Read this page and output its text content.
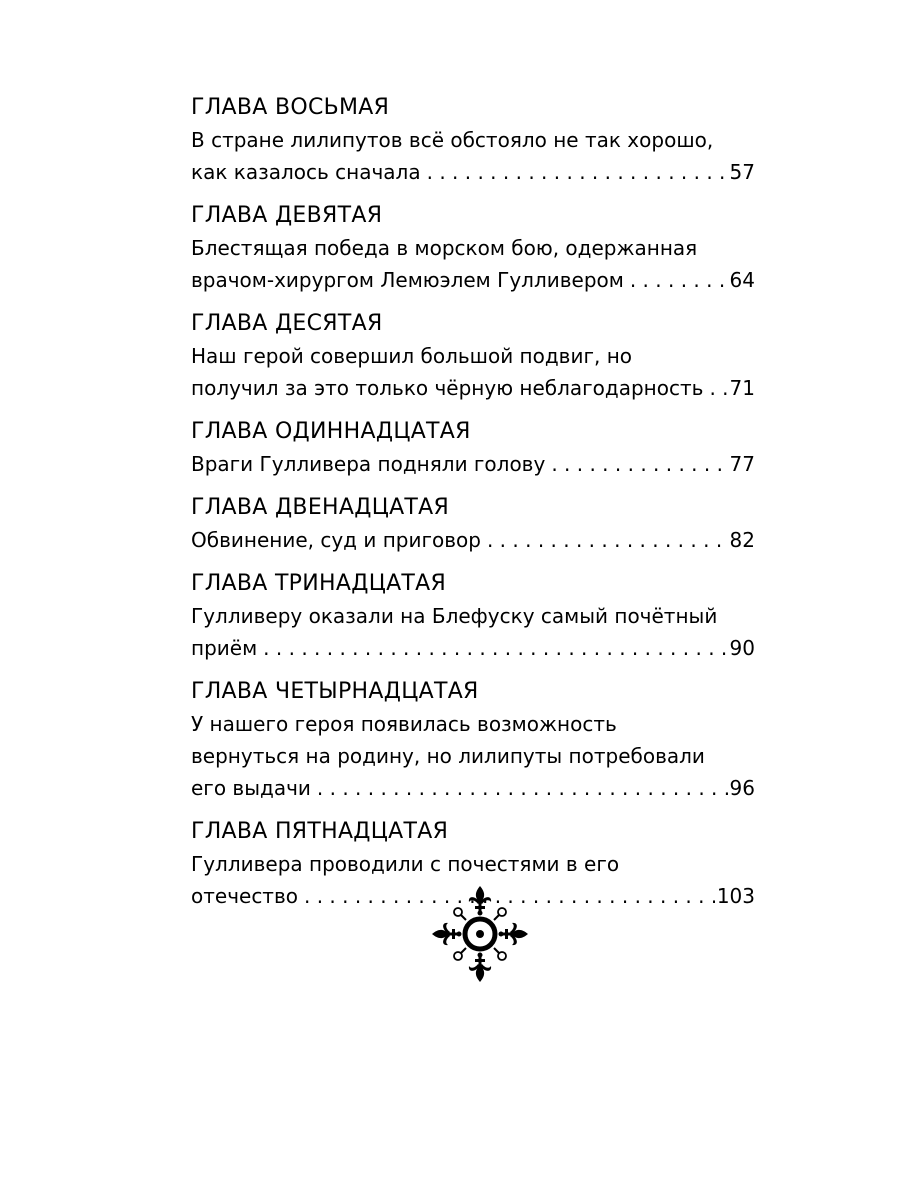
ГЛАВА ВОСЬМАЯ
В стране лилипутов всё обстояло не так хорошо,
как казалось сначала . . .	57
ГЛАВА ДЕВЯТАЯ
Блестящая победа в морском бою, одержанная
врачом-хирургом Лемюэлем Гулливером . . .	64
ГЛАВА ДЕСЯТАЯ
Наш герой совершил большой подвиг, но
получил за это только чёрную неблагодарность . . . 71
ГЛАВА ОДИННАДЦАТАЯ
Враги Гулливера подняли голову . . .	77
ГЛАВА ДВЕНАДЦАТАЯ
Обвинение, суд и приговор . . .	82
ГЛАВА ТРИНАДЦАТАЯ
Гулливеру оказали на Блефуску самый почётный
приём . . .	90
ГЛАВА ЧЕТЫРНАДЦАТАЯ
У нашего героя появилась возможность
вернуться на родину, но лилипуты потребовали
его выдачи . . .	96
ГЛАВА ПЯТНАДЦАТАЯ
Гулливера проводили с почестями в его
отечество . . .	103
